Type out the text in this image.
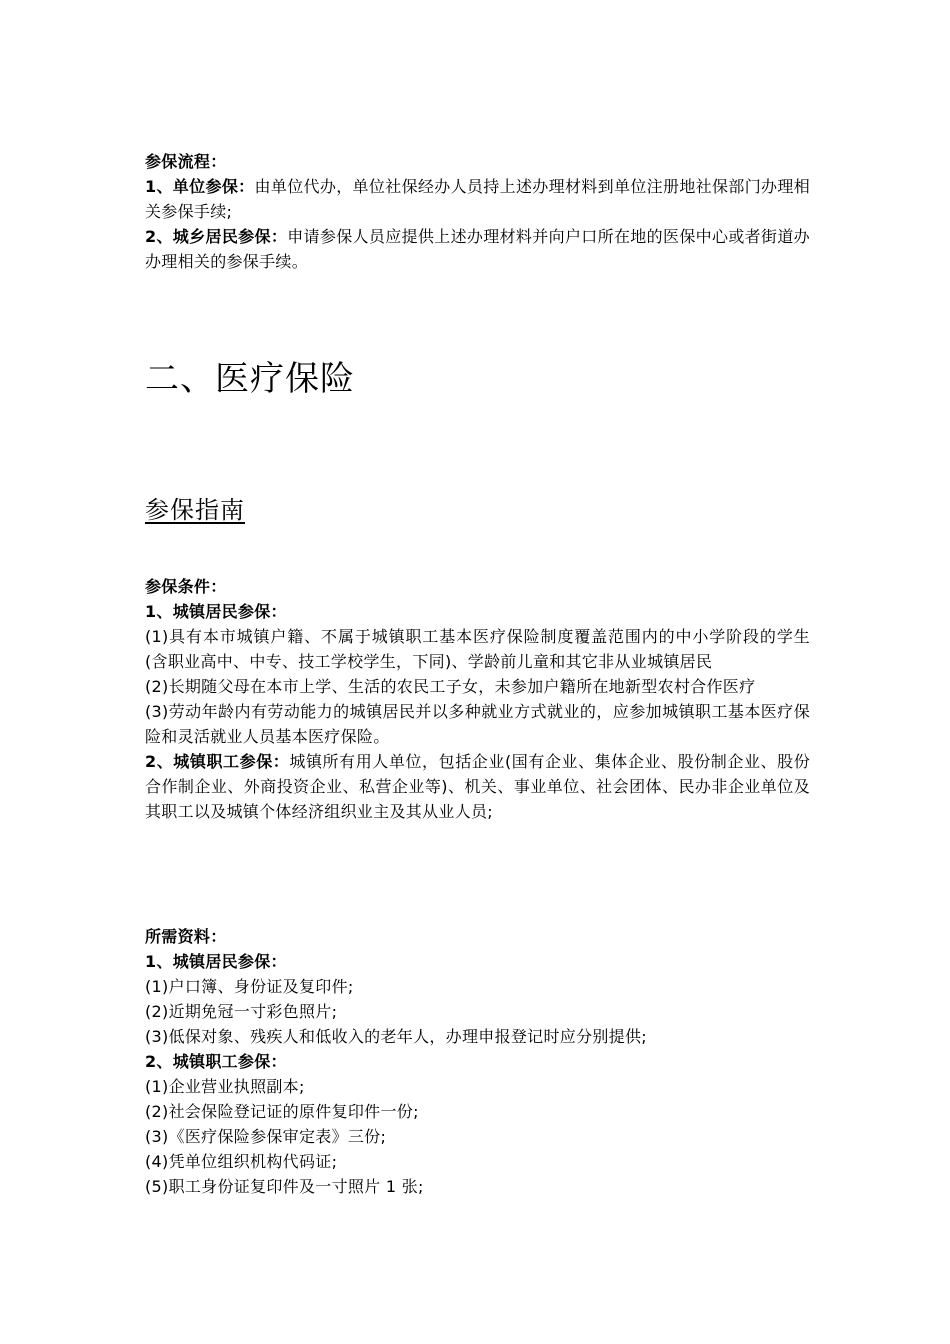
参保流程：

1、单位参保：由单位代办，单位社保经办人员持上述办理材料到单位注册地社保部门办理相关参保手续;

2、城乡居民参保：申请参保人员应提供上述办理材料并向户口所在地的医保中心或者街道办办理相关的参保手续。

二、医疗保险
参保指南

参保条件：

1、城镇居民参保：

(1)具有本市城镇户籍、不属于城镇职工基本医疗保险制度覆盖范围内的中小学阶段的学生(含职业高中、中专、技工学校学生，下同)、学龄前儿童和其它非从业城镇居民

(2)长期随父母在本市上学、生活的农民工子女，未参加户籍所在地新型农村合作医疗

(3)劳动年龄内有劳动能力的城镇居民并以多种就业方式就业的，应参加城镇职工基本医疗保险和灵活就业人员基本医疗保险。

2、城镇职工参保：城镇所有用人单位，包括企业(国有企业、集体企业、股份制企业、股份合作制企业、外商投资企业、私营企业等)、机关、事业单位、社会团体、民办非企业单位及其职工以及城镇个体经济组织业主及其从业人员;

所需资料：

1、城镇居民参保：

(1)户口簿、身份证及复印件;

(2)近期免冠一寸彩色照片;

(3)低保对象、残疾人和低收入的老年人，办理申报登记时应分别提供;

2、城镇职工参保：

(1)企业营业执照副本;

(2)社会保险登记证的原件复印件一份;

(3)《医疗保险参保审定表》三份;

(4)凭单位组织机构代码证;

(5)职工身份证复印件及一寸照片 1 张;
